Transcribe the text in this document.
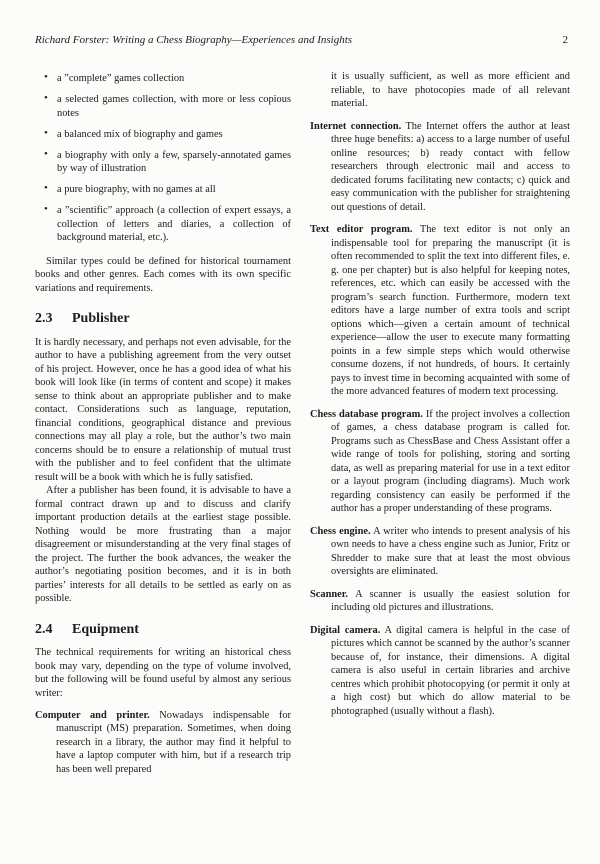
Richard Forster: Writing a Chess Biography—Experiences and Insights	2
• a ”complete” games collection
• a selected games collection, with more or less copious notes
• a balanced mix of biography and games
• a biography with only a few, sparsely-annotated games by way of illustration
• a pure biography, with no games at all
• a ”scientific” approach (a collection of expert essays, a collection of letters and diaries, a collection of background material, etc.).

Similar types could be defined for historical tournament books and other genres. Each comes with its own specific variations and requirements.

2.3 Publisher

It is hardly necessary, and perhaps not even advisable, for the author to have a publishing agreement from the very outset of his project. However, once he has a good idea of what his book will look like (in terms of content and scope) it makes sense to think about an appropriate publisher and to make contact. Considerations such as language, reputation, financial conditions, geographical distance and previous connections may all play a role, but the author’s two main concerns should be to ensure a relationship of mutual trust with the publisher and to feel confident that the ultimate result will be a book with which he is fully satisfied.

After a publisher has been found, it is advisable to have a formal contract drawn up and to discuss and clarify important production details at the earliest stage possible. Nothing would be more frustrating than a major disagreement or misunderstanding at the very final stages of the project. The further the book advances, the weaker the author’s negotiating position becomes, and it is in both parties’ interests for all details to be settled as early on as possible.

2.4 Equipment

The technical requirements for writing an historical chess book may vary, depending on the type of volume involved, but the following will be found useful by almost any serious writer:

Computer and printer. Nowadays indispensable for manuscript (MS) preparation. Sometimes, when doing research in a library, the author may find it helpful to have a laptop computer with him, but if a research trip has been well prepared

it is usually sufficient, as well as more efficient and reliable, to have photocopies made of all relevant material.

Internet connection. The Internet offers the author at least three huge benefits: a) access to a large number of useful online resources; b) ready contact with fellow researchers through electronic mail and access to dedicated forums facilitating new contacts; c) quick and easy communication with the publisher for straightening out questions of detail.

Text editor program. The text editor is not only an indispensable tool for preparing the manuscript (it is often recommended to split the text into different files, e. g. one per chapter) but is also helpful for keeping notes, references, etc. which can easily be accessed with the program’s search function. Furthermore, modern text editors have a large number of extra tools and script options which—given a certain amount of technical experience—allow the user to execute many formatting points in a few simple steps which would otherwise consume dozens, if not hundreds, of hours. It certainly pays to invest time in becoming acquainted with some of the more advanced features of modern text processing.

Chess database program. If the project involves a collection of games, a chess database program is called for. Programs such as ChessBase and Chess Assistant offer a wide range of tools for polishing, storing and sorting data, as well as preparing material for use in a text editor or a layout program (including diagrams). Much work regarding consistency can easily be performed if the author has a proper understanding of these programs.

Chess engine. A writer who intends to present analysis of his own needs to have a chess engine such as Junior, Fritz or Shredder to make sure that at least the most obvious oversights are eliminated.

Scanner. A scanner is usually the easiest solution for including old pictures and illustrations.

Digital camera. A digital camera is helpful in the case of pictures which cannot be scanned by the author’s scanner because of, for instance, their dimensions. A digital camera is also useful in certain libraries and archive centres which prohibit photocopying (or permit it only at a high cost) but which do allow material to be photographed (usually without a flash).
